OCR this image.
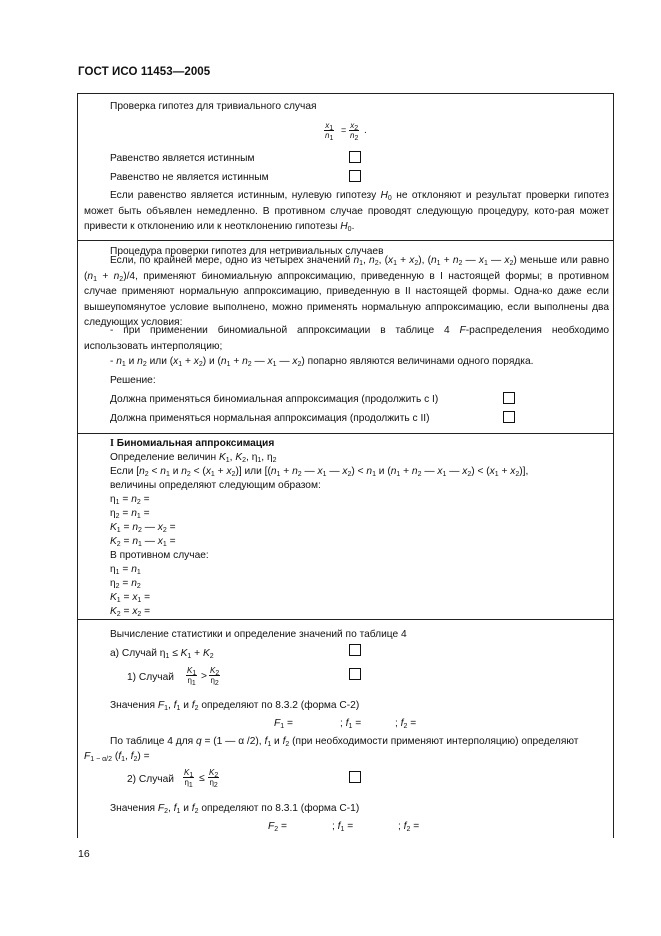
ГОСТ ИСО 11453—2005
Проверка гипотез для тривиального случая
$\frac{x_1}{n_1} = \frac{x_2}{n_2}$ .
Равенство является истинным
Равенство не является истинным
Если равенство является истинным, нулевую гипотезу $H_0$ не отклоняют и результат проверки гипотез может быть объявлен немедленно. В противном случае проводят следующую процедуру, кото-рая может привести к отклонению или к неотклонению гипотезы $H_0$.
Процедура проверки гипотез для нетривиальных случаев
Если, по крайней мере, одно из четырех значений $n_1$, $n_2$, $(x_1 + x_2)$, ($n_1 + n_2$ — $x_1$ — $x_2$) меньше или равно $(n_1 + n_2)/4$, применяют биномиальную аппроксимацию, приведенную в I настоящей формы; в противном случае применяют нормальную аппроксимацию, приведенную в II настоящей формы. Одна-ко даже если вышеупомянутое условие выполнено, можно применять нормальную аппроксимацию, если выполнены два следующих условия:
- при применении биномиальной аппроксимации в таблице 4 F-распределения необходимо использовать интерполяцию;
- $n_1$ и $n_2$ или $(x_1 + x_2)$ и ($n_1 + n_2$ — $x_1$ — $x_2$) попарно являются величинами одного порядка.
Решение:
Должна применяться биномиальная аппроксимация (продолжить с I)
Должна применяться нормальная аппроксимация (продолжить с II)
I Биномиальная аппроксимация
Определение величин $K_1$, $K_2$, $\eta_1$, $\eta_2$
Если [$n_2 < n_1$ и $n_2 < (x_1 + x_2)$] или [($n_1 + n_2$ — $x_1$ — $x_2) < n_1$ и ($n_1 + n_2$ — $x_1$ — $x_2) < (x_1 + x_2)$],
величины определяют следующим образом:
$\eta_1 = n_2$ =
$\eta_2 = n_1$ =
$K_1 = n_2$ — $x_2$ =
$K_2 = n_1$ — $x_1$ =
В противном случае:
$\eta_1 = n_1$
$\eta_2 = n_2$
$K_1 = x_1$ =
$K_2 = x_2$ =
Вычисление статистики и определение значений по таблице 4
а) Случай $\eta_1 \le K_1 + K_2$
1) Случай $\frac{K_1}{\eta_1} > \frac{K_2}{\eta_2}$
Значения $F_1$, $f_1$ и $f_2$ определяют по 8.3.2 (форма С-2)
$F_1$ =	; $f_1$ =	; $f_2$ =
По таблице 4 для q = (1 — α /2), $f_1$ и $f_2$ (при необходимости применяют интерполяцию) определяют
$F_{1 - \alpha/2}$ ($f_1$, $f_2$) =
2) Случай $\frac{K_1}{\eta_1} \le \frac{K_2}{\eta_2}$
Значения $F_2$, $f_1$ и $f_2$ определяют по 8.3.1 (форма С-1)
$F_2$ =	; $f_1$ =	; $f_2$ =
16
